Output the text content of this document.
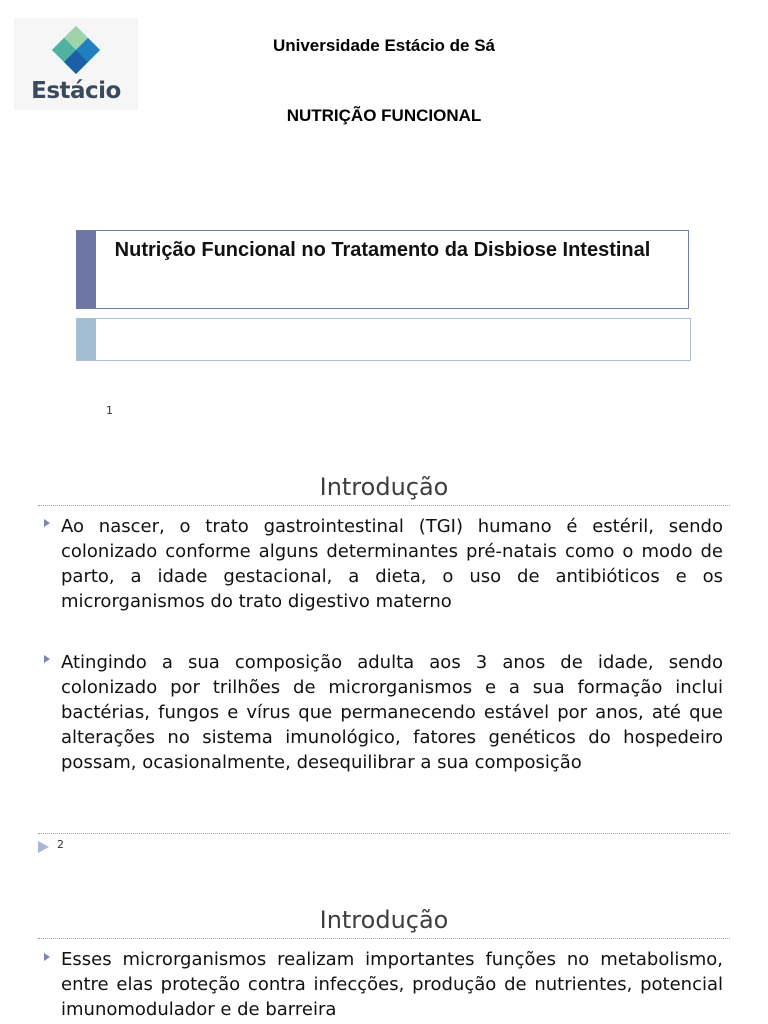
Estácio
Universidade Estácio de Sá
NUTRIÇÃO FUNCIONAL
Nutrição Funcional no Tratamento da Disbiose Intestinal
1
Introdução
Ao nascer, o trato gastrointestinal (TGI) humano é estéril, sendo colonizado conforme alguns determinantes pré-natais como o modo de parto, a idade gestacional, a dieta, o uso de antibióticos e os microrganismos do trato digestivo materno
Atingindo a sua composição adulta aos 3 anos de idade, sendo colonizado por trilhões de microrganismos e a sua formação inclui bactérias, fungos e vírus que permanecendo estável por anos, até que alterações no sistema imunológico, fatores genéticos do hospedeiro possam, ocasionalmente, desequilibrar a sua composição
2
Introdução
Esses microrganismos realizam importantes funções no metabolismo, entre elas proteção contra infecções, produção de nutrientes, potencial imunomodulador e de barreira
